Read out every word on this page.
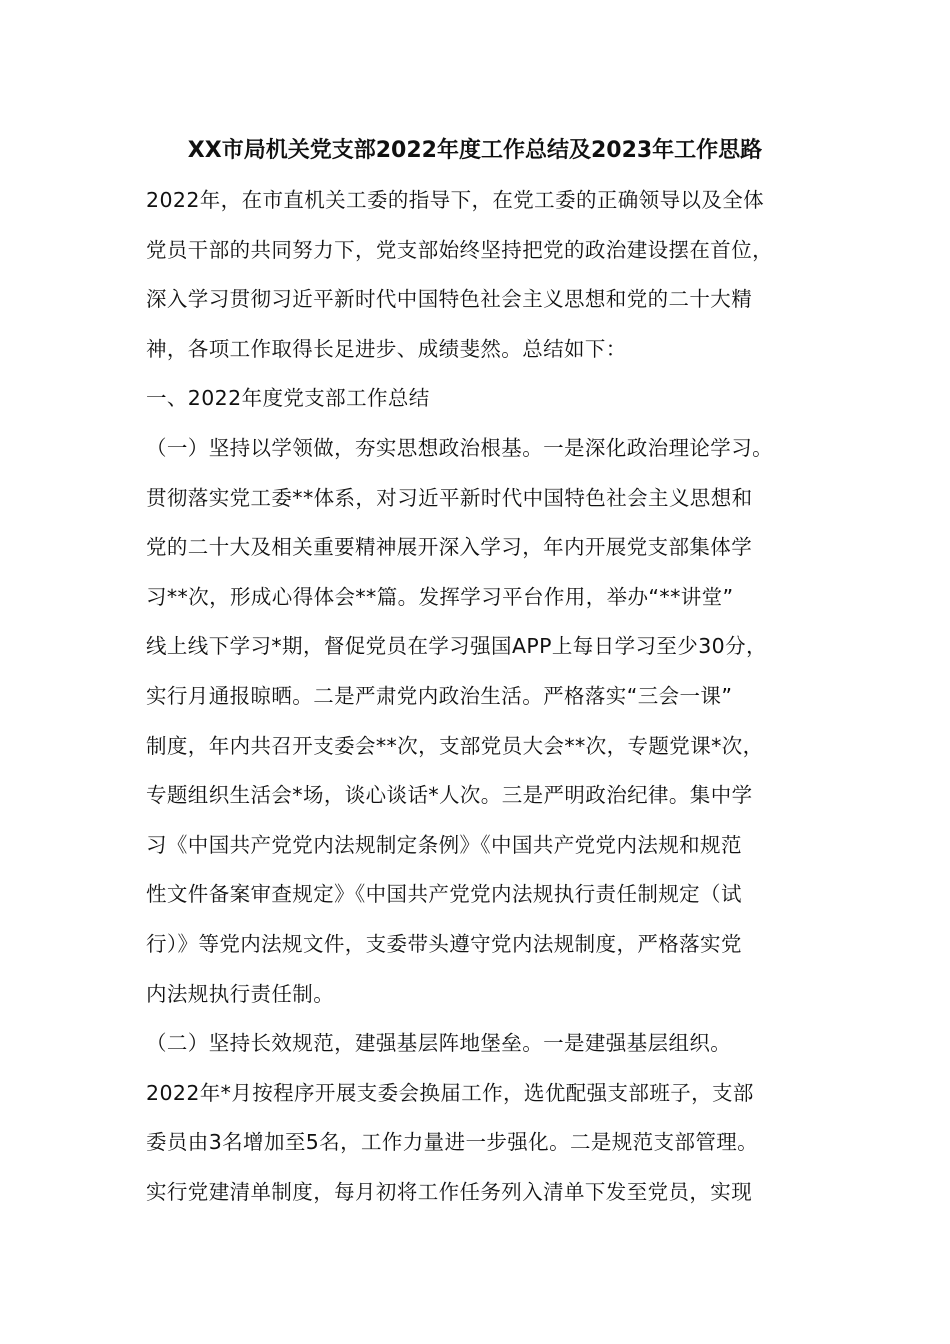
XX市局机关党支部2022年度工作总结及2023年工作思路
2022年，在市直机关工委的指导下，在党工委的正确领导以及全体
党员干部的共同努力下，党支部始终坚持把党的政治建设摆在首位，
深入学习贯彻习近平新时代中国特色社会主义思想和党的二十大精
神，各项工作取得长足进步、成绩斐然。总结如下：
一、2022年度党支部工作总结
（一）坚持以学领做，夯实思想政治根基。一是深化政治理论学习。
贯彻落实党工委**体系，对习近平新时代中国特色社会主义思想和
党的二十大及相关重要精神展开深入学习，年内开展党支部集体学
习**次，形成心得体会**篇。发挥学习平台作用，举办“**讲堂”
线上线下学习*期，督促党员在学习强国APP上每日学习至少30分，
实行月通报晾晒。二是严肃党内政治生活。严格落实“三会一课”
制度，年内共召开支委会**次，支部党员大会**次，专题党课*次，
专题组织生活会*场，谈心谈话*人次。三是严明政治纪律。集中学
习《中国共产党党内法规制定条例》《中国共产党党内法规和规范
性文件备案审查规定》《中国共产党党内法规执行责任制规定（试
行）》等党内法规文件，支委带头遵守党内法规制度，严格落实党
内法规执行责任制。
（二）坚持长效规范，建强基层阵地堡垒。一是建强基层组织。
2022年*月按程序开展支委会换届工作，选优配强支部班子，支部
委员由3名增加至5名，工作力量进一步强化。二是规范支部管理。
实行党建清单制度，每月初将工作任务列入清单下发至党员，实现
